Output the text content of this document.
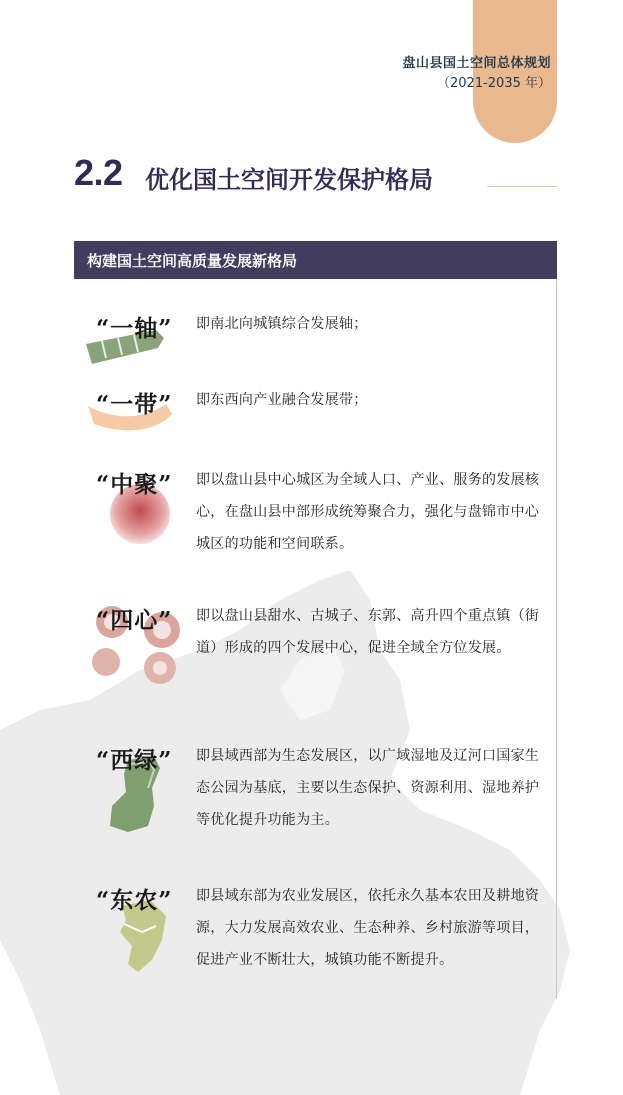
盘山县国土空间总体规划
（2021-2035 年）
2.2 优化国土空间开发保护格局
构建国土空间高质量发展新格局
“一轴” 即南北向城镇综合发展轴；
“一带” 即东西向产业融合发展带；
“中聚” 即以盘山县中心城区为全域人口、产业、服务的发展核心，在盘山县中部形成统筹聚合力，强化与盘锦市中心城区的功能和空间联系。
“四心” 即以盘山县甜水、古城子、东郭、高升四个重点镇（街道）形成的四个发展中心，促进全域全方位发展。
“西绿” 即县域西部为生态发展区，以广域湿地及辽河口国家生态公园为基底，主要以生态保护、资源利用、湿地养护等优化提升功能为主。
“东农” 即县域东部为农业发展区，依托永久基本农田及耕地资源，大力发展高效农业、生态种养、乡村旅游等项目，促进产业不断壮大，城镇功能不断提升。
